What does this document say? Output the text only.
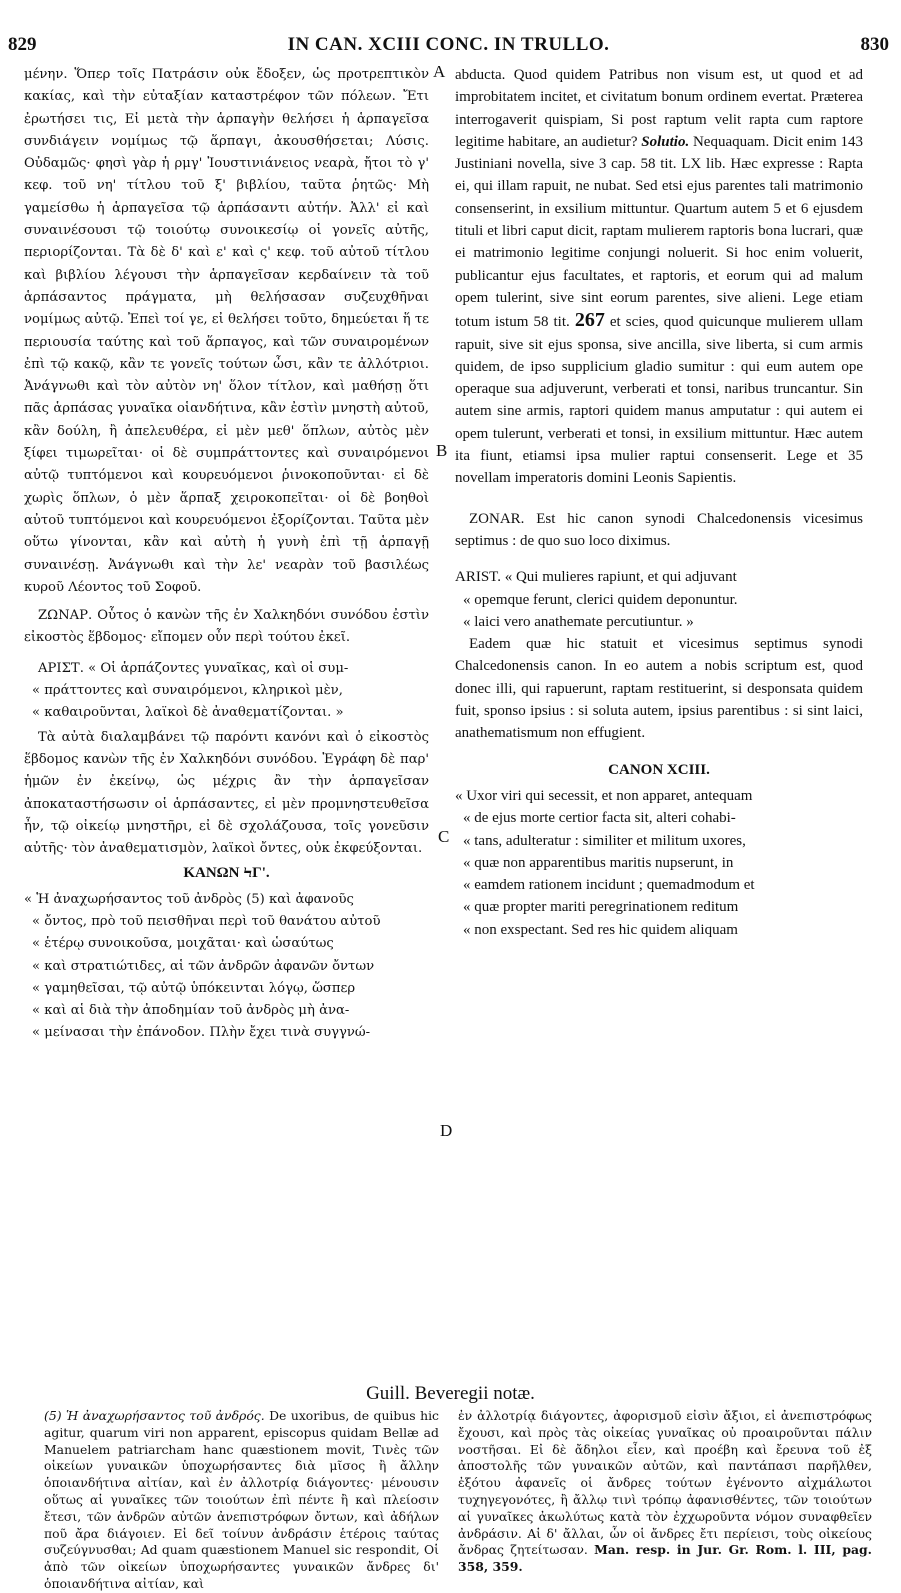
829	IN CAN. XCIII CONC. IN TRULLO.	830
A
B
C
D

μένην. Ὅπερ τοῖς Πατράσιν οὐκ ἔδοξεν, ὡς προτρεπτικὸν κακίας, καὶ τὴν εὐταξίαν καταστρέφον τῶν πόλεων. Ἔτι ἐρωτήσει τις, Εἰ μετὰ τὴν ἁρπαγὴν θελήσει ἡ ἁρπαγεῖσα συνδιάγειν νομίμως τῷ ἅρπαγι, ἀκουσθήσεται; Λύσις. Οὐδαμῶς· φησὶ γὰρ ἡ ρμγ' Ἰουστινιάνειος νεαρὰ, ἤτοι τὸ γ' κεφ. τοῦ νη' τίτλου τοῦ ξ' βιβλίου, ταῦτα ῥητῶς· Μὴ γαμείσθω ἡ ἁρπαγεῖσα τῷ ἁρπάσαντι αὐτήν. Ἀλλ' εἰ καὶ συναινέσουσι τῷ τοιούτῳ συνοικεσίῳ οἱ γονεῖς αὐτῆς, περιορίζονται. Τὰ δὲ δ' καὶ ε' καὶ ς' κεφ. τοῦ αὐτοῦ τίτλου καὶ βιβλίου λέγουσι τὴν ἁρπαγεῖσαν κερδαίνειν τὰ τοῦ ἁρπάσαντος πράγματα, μὴ θελήσασαν συζευχθῆναι νομίμως αὐτῷ. Ἐπεὶ τοί γε, εἰ θελήσει τοῦτο, δημεύεται ἥ τε περιουσία ταύτης καὶ τοῦ ἅρπαγος, καὶ τῶν συναιρομένων ἐπὶ τῷ κακῷ, κἂν τε γονεῖς τούτων ὦσι, κἂν τε ἀλλότριοι. Ἀνάγνωθι καὶ τὸν αὐτὸν νη' ὅλον τίτλον, καὶ μαθήσῃ ὅτι πᾶς ἁρπάσας γυναῖκα οἱανδήτινα, κἂν ἐστὶν μνηστὴ αὐτοῦ, κἂν δούλη, ἢ ἀπελευθέρα, εἰ μὲν μεθ' ὅπλων, αὐτὸς μὲν ξίφει τιμωρεῖται· οἱ δὲ συμπράττοντες καὶ συναιρόμενοι αὐτῷ τυπτόμενοι καὶ κουρευόμενοι ῥινοκοποῦνται· εἰ δὲ χωρὶς ὅπλων, ὁ μὲν ἅρπαξ χειροκοπεῖται· οἱ δὲ βοηθοὶ αὐτοῦ τυπτόμενοι καὶ κουρευόμενοι ἐξορίζονται. Ταῦτα μὲν οὕτω γίνονται, κἂν καὶ αὐτὴ ἡ γυνὴ ἐπὶ τῇ ἁρπαγῇ συναινέσῃ. Ἀνάγνωθι καὶ τὴν λε' νεαρὰν τοῦ βασιλέως κυροῦ Λέοντος τοῦ Σοφοῦ.

ΖΩΝΑΡ. Οὗτος ὁ κανὼν τῆς ἐν Χαλκηδόνι συνόδου ἐστὶν εἰκοστὸς ἕβδομος· εἴπομεν οὖν περὶ τούτου ἐκεῖ.

ΑΡΙΣΤ. « Οἱ ἁρπάζοντες γυναῖκας, καὶ οἱ συμ-
« πράττοντες καὶ συναιρόμενοι, κληρικοὶ μὲν,
« καθαιροῦνται, λαϊκοὶ δὲ ἀναθεματίζονται. »

Τὰ αὐτὰ διαλαμβάνει τῷ παρόντι κανόνι καὶ ὁ εἰκοστὸς ἕβδομος κανὼν τῆς ἐν Χαλκηδόνι συνόδου. Ἐγράφη δὲ παρ' ἡμῶν ἐν ἐκείνῳ, ὡς μέχρις ἂν τὴν ἁρπαγεῖσαν ἀποκαταστήσωσιν οἱ ἁρπάσαντες, εἰ μὲν προμνηστευθεῖσα ἦν, τῷ οἰκείῳ μνηστῆρι, εἰ δὲ σχολάζουσα, τοῖς γονεῦσιν αὐτῆς· τὸν ἀναθεματισμὸν, λαϊκοὶ ὄντες, οὐκ ἐκφεύξονται.

ΚΑΝΩΝ ϞΓ'.
« Ἡ ἀναχωρήσαντος τοῦ ἀνδρὸς (5) καὶ ἀφανοῦς
« ὄντος, πρὸ τοῦ πεισθῆναι περὶ τοῦ θανάτου αὐτοῦ
« ἑτέρῳ συνοικοῦσα, μοιχᾶται· καὶ ὡσαύτως
« καὶ στρατιώτιδες, αἱ τῶν ἀνδρῶν ἀφανῶν ὄντων
« γαμηθεῖσαι, τῷ αὐτῷ ὑπόκεινται λόγῳ, ὥσπερ
« καὶ αἱ διὰ τὴν ἀποδημίαν τοῦ ἀνδρὸς μὴ ἀνα-
« μείνασαι τὴν ἐπάνοδον. Πλὴν ἔχει τινὰ συγγνώ-

abducta. Quod quidem Patribus non visum est, ut quod et ad improbitatem incitet, et civitatum bonum ordinem evertat. Præterea interrogaverit quispiam, Si post raptum velit rapta cum raptore legitime habitare, an audietur? Solutio. Nequaquam. Dicit enim 143 Justiniani novella, sive 3 cap. 58 tit. LX lib. Hæc expresse : Rapta ei, qui illam rapuit, ne nubat. Sed etsi ejus parentes tali matrimonio consenserint, in exsilium mittuntur. Quartum autem 5 et 6 ejusdem tituli et libri caput dicit, raptam mulierem raptoris bona lucrari, quæ ei matrimonio legitime conjungi noluerit. Si hoc enim voluerit, publicantur ejus facultates, et raptoris, et eorum qui ad malum opem tulerint, sive sint eorum parentes, sive alieni. Lege etiam totum istum 58 tit. 267 et scies, quod quicunque mulierem ullam rapuit, sive sit ejus sponsa, sive ancilla, sive liberta, si cum armis quidem, de ipso supplicium gladio sumitur : qui eum autem ope operaque sua adjuverunt, verberati et tonsi, naribus truncantur. Sin autem sine armis, raptori quidem manus amputatur : qui autem ei opem tulerunt, verberati et tonsi, in exsilium mittuntur. Hæc autem ita fiunt, etiamsi ipsa mulier raptui consenserit. Lege et 35 novellam imperatoris domini Leonis Sapientis.

ZONAR. Est hic canon synodi Chalcedonensis vicesimus septimus : de quo suo loco diximus.

ARIST. « Qui mulieres rapiunt, et qui adjuvant
« opemque ferunt, clerici quidem deponuntur.
« laici vero anathemate percutiuntur. »

Eadem quæ hic statuit et vicesimus septimus synodi Chalcedonensis canon. In eo autem a nobis scriptum est, quod donec illi, qui rapuerunt, raptam restituerint, si desponsata quidem fuit, sponso ipsius : si soluta autem, ipsius parentibus : si sint laici, anathematismum non effugient.

CANON XCIII.
« Uxor viri qui secessit, et non apparet, antequam
« de ejus morte certior facta sit, alteri cohabi-
« tans, adulteratur : similiter et militum uxores,
« quæ non apparentibus maritis nupserunt, in
« eamdem rationem incidunt ; quemadmodum et
« quæ propter mariti peregrinationem reditum
« non exspectant. Sed res hic quidem aliquam
Guill. Beveregii notæ.
(5) Ἡ ἀναχωρήσαντος τοῦ ἀνδρός. De uxoribus, de quibus hic agitur, quarum viri non apparent, episcopus quidam Bellæ ad Manuelem patriarcham hanc quæstionem movit, Τινὲς τῶν οἰκείων γυναικῶν ὑποχωρήσαντες διὰ μῖσος ἢ ἄλλην ὁποιανδήτινα αἰτίαν, καὶ ἐν ἀλλοτρίᾳ διάγοντες· μένουσιν οὕτως αἱ γυναῖκες τῶν τοιούτων ἐπὶ πέντε ἢ καὶ πλείοσιν ἔτεσι, τῶν ἀνδρῶν αὐτῶν ἀνεπιστρόφων ὄντων, καὶ ἀδήλων ποῦ ἄρα διάγοιεν. Εἰ δεῖ τοίνυν ἀνδράσιν ἑτέροις ταύτας συζεύγνυσθαι; Ad quam quæstionem Manuel sic respondit, Οἱ ἀπὸ τῶν οἰκείων ὑποχωρήσαντες γυναικῶν ἄνδρες δι' ὁποιανδήτινα αἰτίαν, καὶ
ἐν ἀλλοτρίᾳ διάγοντες, ἀφορισμοῦ εἰσὶν ἄξιοι, εἰ ἀνεπιστρόφως ἔχουσι, καὶ πρὸς τὰς οἰκείας γυναῖκας οὐ προαιροῦνται πάλιν νοστῆσαι. Εἰ δὲ ἄδηλοι εἶεν, καὶ προέβη καὶ ἔρευνα τοῦ ἐξ ἀποστολῆς τῶν γυναικῶν αὐτῶν, καὶ παντάπασι παρῆλθεν, ἐξότου ἀφανεῖς οἱ ἄνδρες τούτων ἐγένοντο αἰχμάλωτοι τυχηγεγονότες, ἢ ἄλλῳ τινὶ τρόπῳ ἀφανισθέντες, τῶν τοιούτων αἱ γυναῖκες ἀκωλύτως κατὰ τὸν ἐχχωροῦντα νόμον συναφθεῖεν ἀνδράσιν. Αἱ δ' ἄλλαι, ὧν οἱ ἄνδρες ἔτι περίεισι, τοὺς οἰκείους ἄνδρας ζητείτωσαν. Man. resp. in Jur. Gr. Rom. l. III, pag. 358, 359.
